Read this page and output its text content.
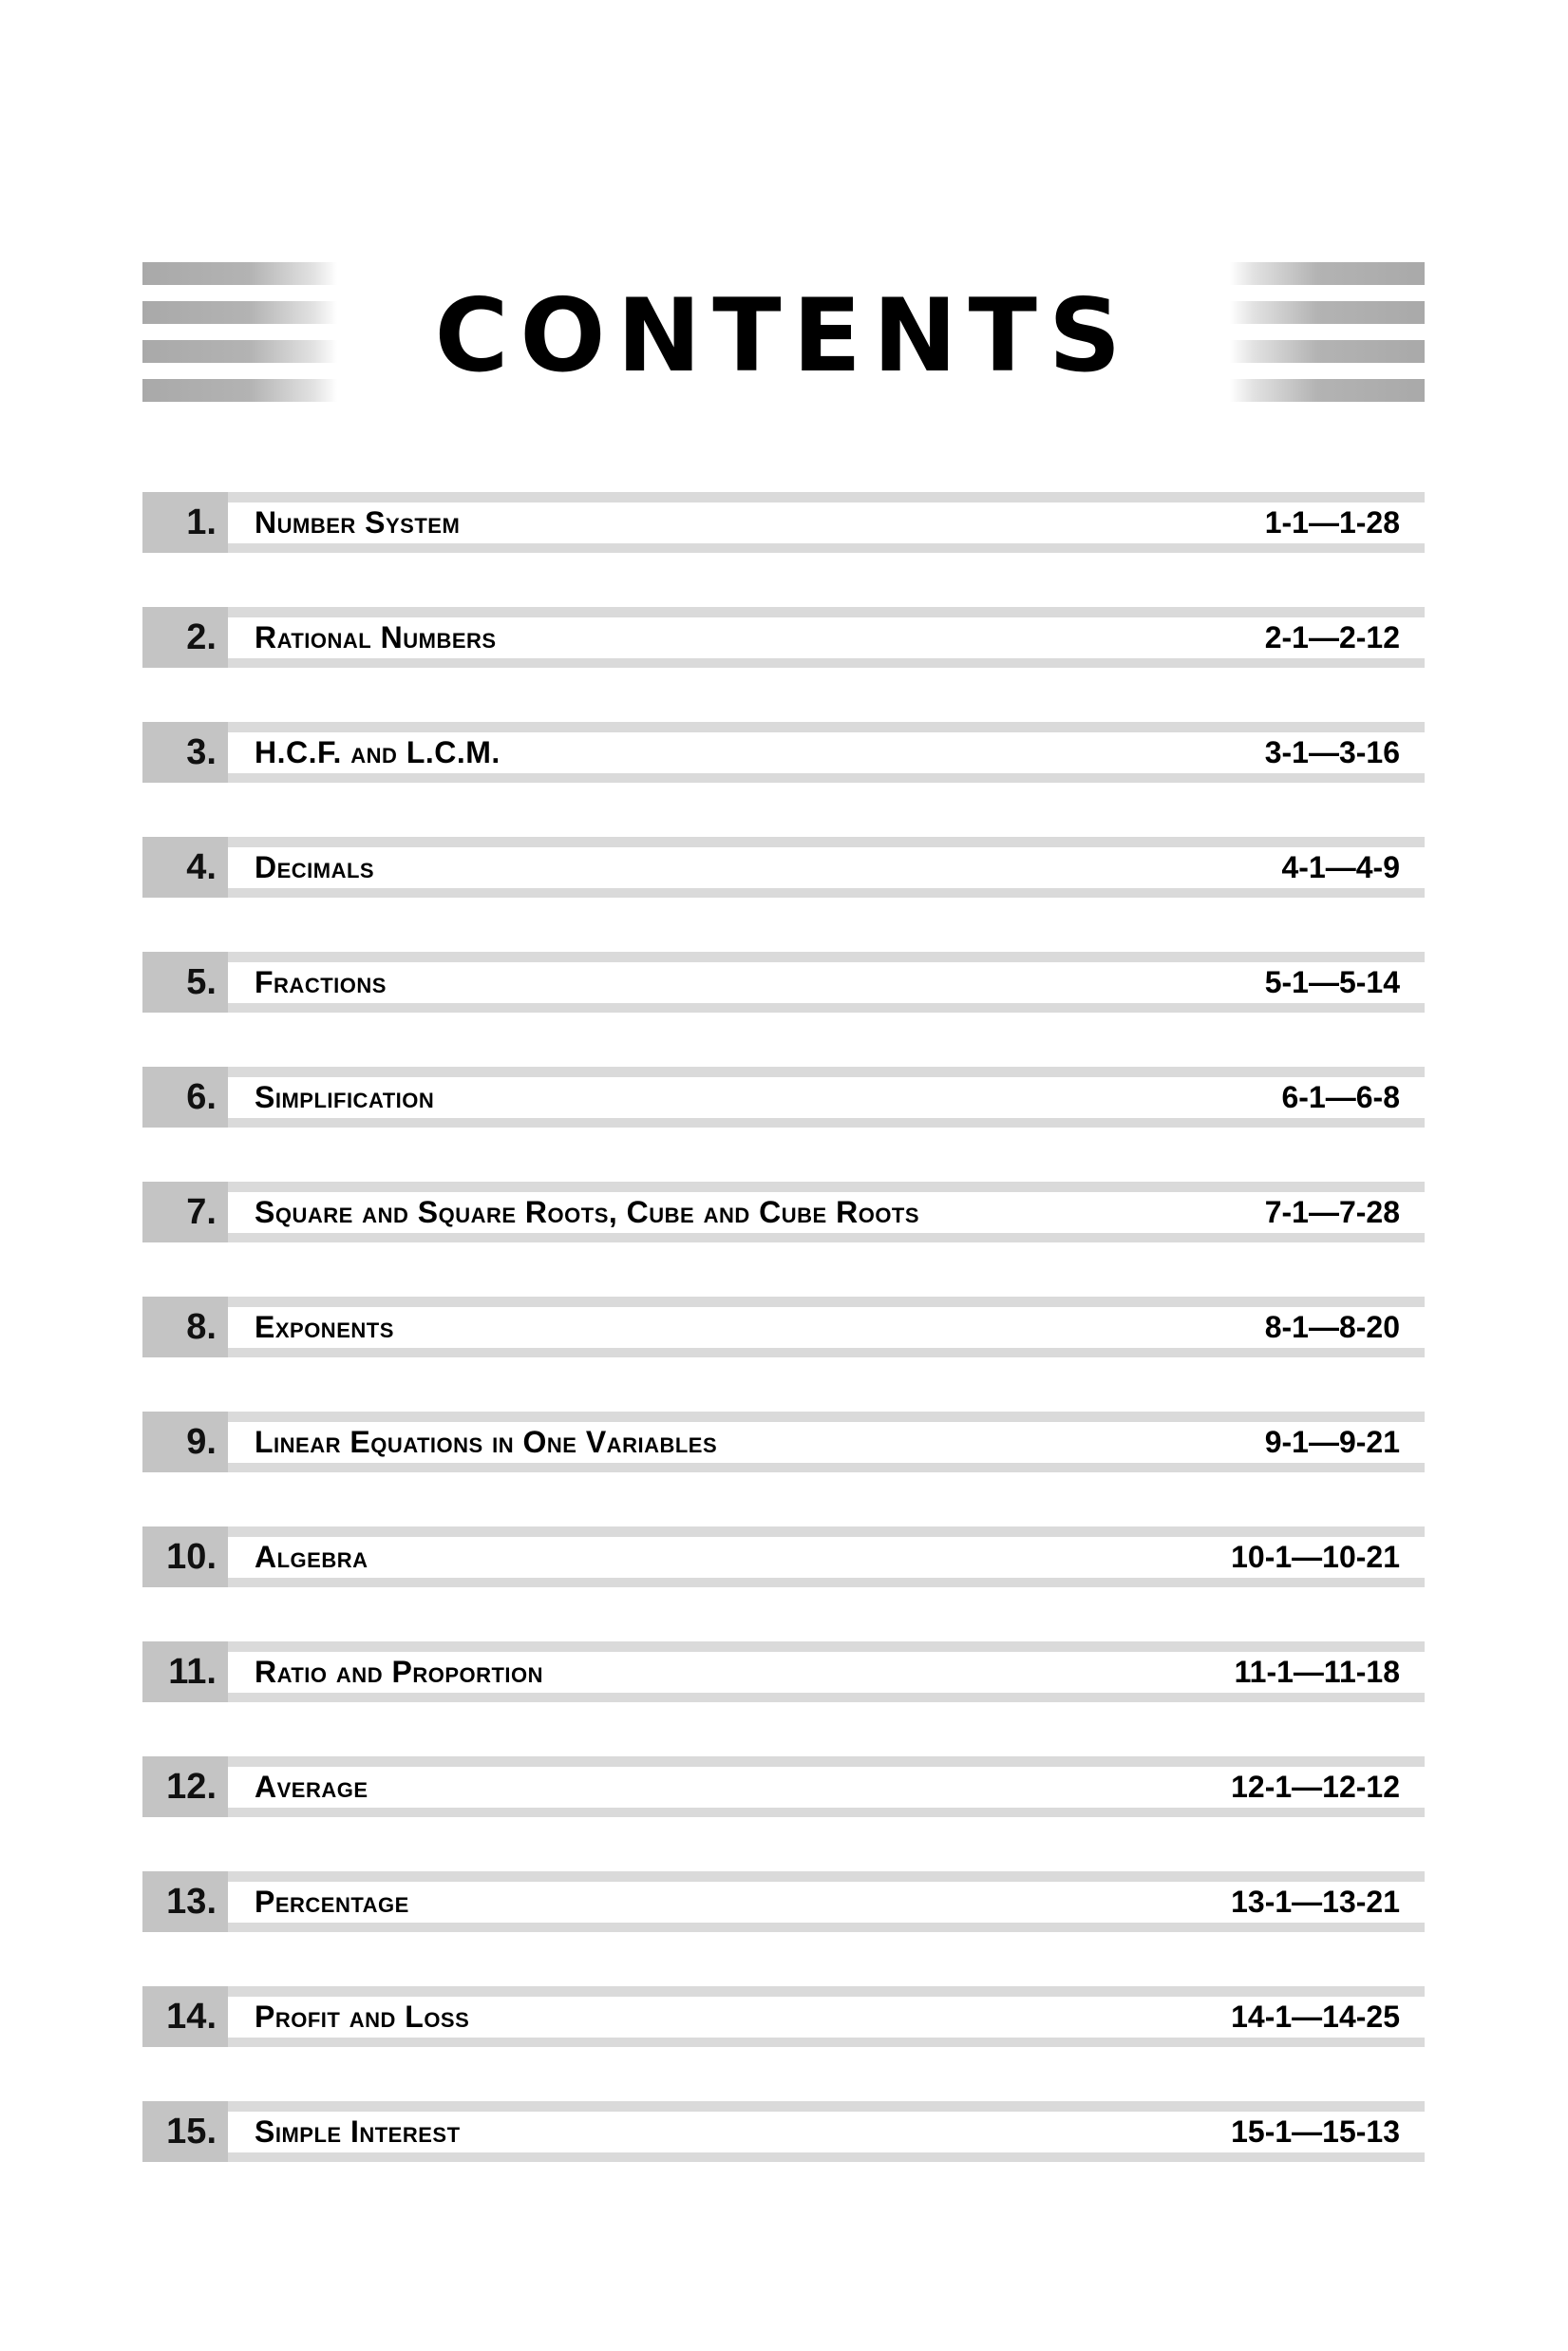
CONTENTS
1.	Number System	1-1—1-28
2.	Rational Numbers	2-1—2-12
3.	H.C.F. and L.C.M.	3-1—3-16
4.	Decimals	4-1—4-9
5.	Fractions	5-1—5-14
6.	Simplification	6-1—6-8
7.	Square and Square Roots, Cube and Cube Roots	7-1—7-28
8.	Exponents	8-1—8-20
9.	Linear Equations in One Variables	9-1—9-21
10.	Algebra	10-1—10-21
11.	Ratio and Proportion	11-1—11-18
12.	Average	12-1—12-12
13.	Percentage	13-1—13-21
14.	Profit and Loss	14-1—14-25
15.	Simple Interest	15-1—15-13
